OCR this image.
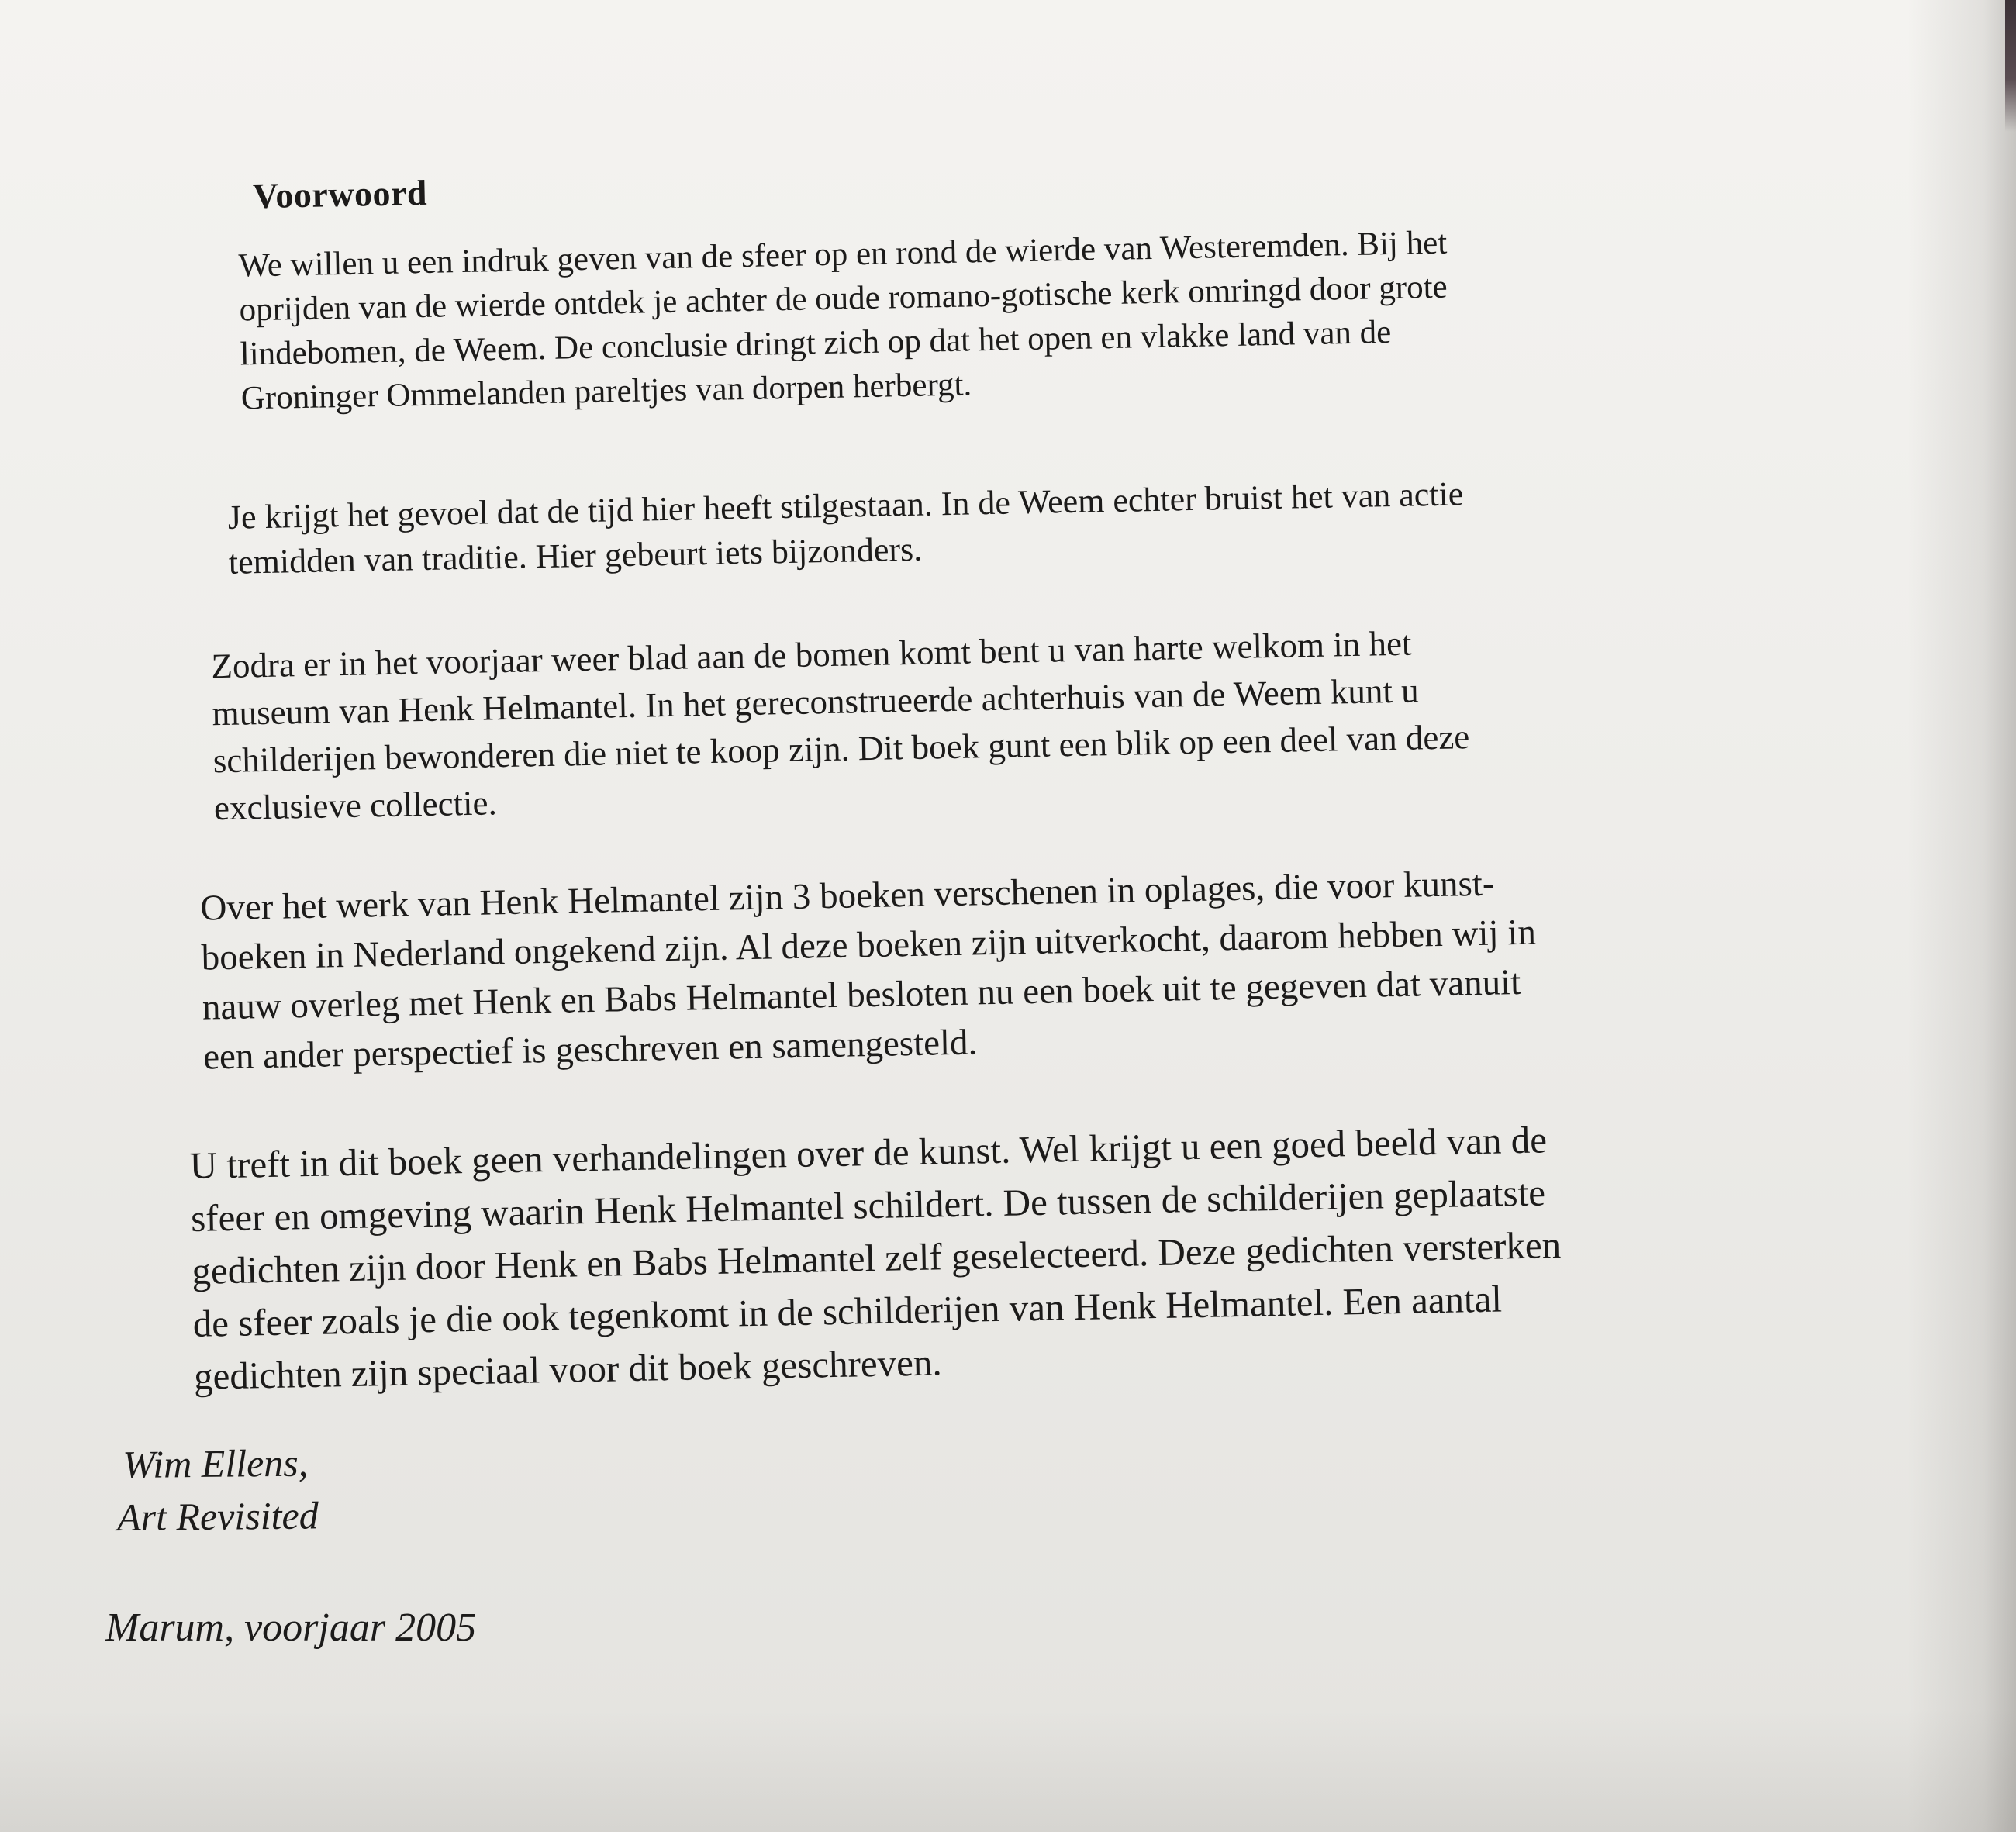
Voorwoord

We willen u een indruk geven van de sfeer op en rond de wierde van Westeremden. Bij het
oprijden van de wierde ontdek je achter de oude romano-gotische kerk omringd door grote
lindebomen, de Weem. De conclusie dringt zich op dat het open en vlakke land van de
Groninger Ommelanden pareltjes van dorpen herbergt.

Je krijgt het gevoel dat de tijd hier heeft stilgestaan. In de Weem echter bruist het van actie
temidden van traditie. Hier gebeurt iets bijzonders.

Zodra er in het voorjaar weer blad aan de bomen komt bent u van harte welkom in het
museum van Henk Helmantel. In het gereconstrueerde achterhuis van de Weem kunt u
schilderijen bewonderen die niet te koop zijn. Dit boek gunt een blik op een deel van deze
exclusieve collectie.

Over het werk van Henk Helmantel zijn 3 boeken verschenen in oplages, die voor kunst-
boeken in Nederland ongekend zijn. Al deze boeken zijn uitverkocht, daarom hebben wij in
nauw overleg met Henk en Babs Helmantel besloten nu een boek uit te gegeven dat vanuit
een ander perspectief is geschreven en samengesteld.

U treft in dit boek geen verhandelingen over de kunst. Wel krijgt u een goed beeld van de
sfeer en omgeving waarin Henk Helmantel schildert. De tussen de schilderijen geplaatste
gedichten zijn door Henk en Babs Helmantel zelf geselecteerd. Deze gedichten versterken
de sfeer zoals je die ook tegenkomt in de schilderijen van Henk Helmantel. Een aantal
gedichten zijn speciaal voor dit boek geschreven.

Wim Ellens,
Art Revisited
Marum, voorjaar 2005
